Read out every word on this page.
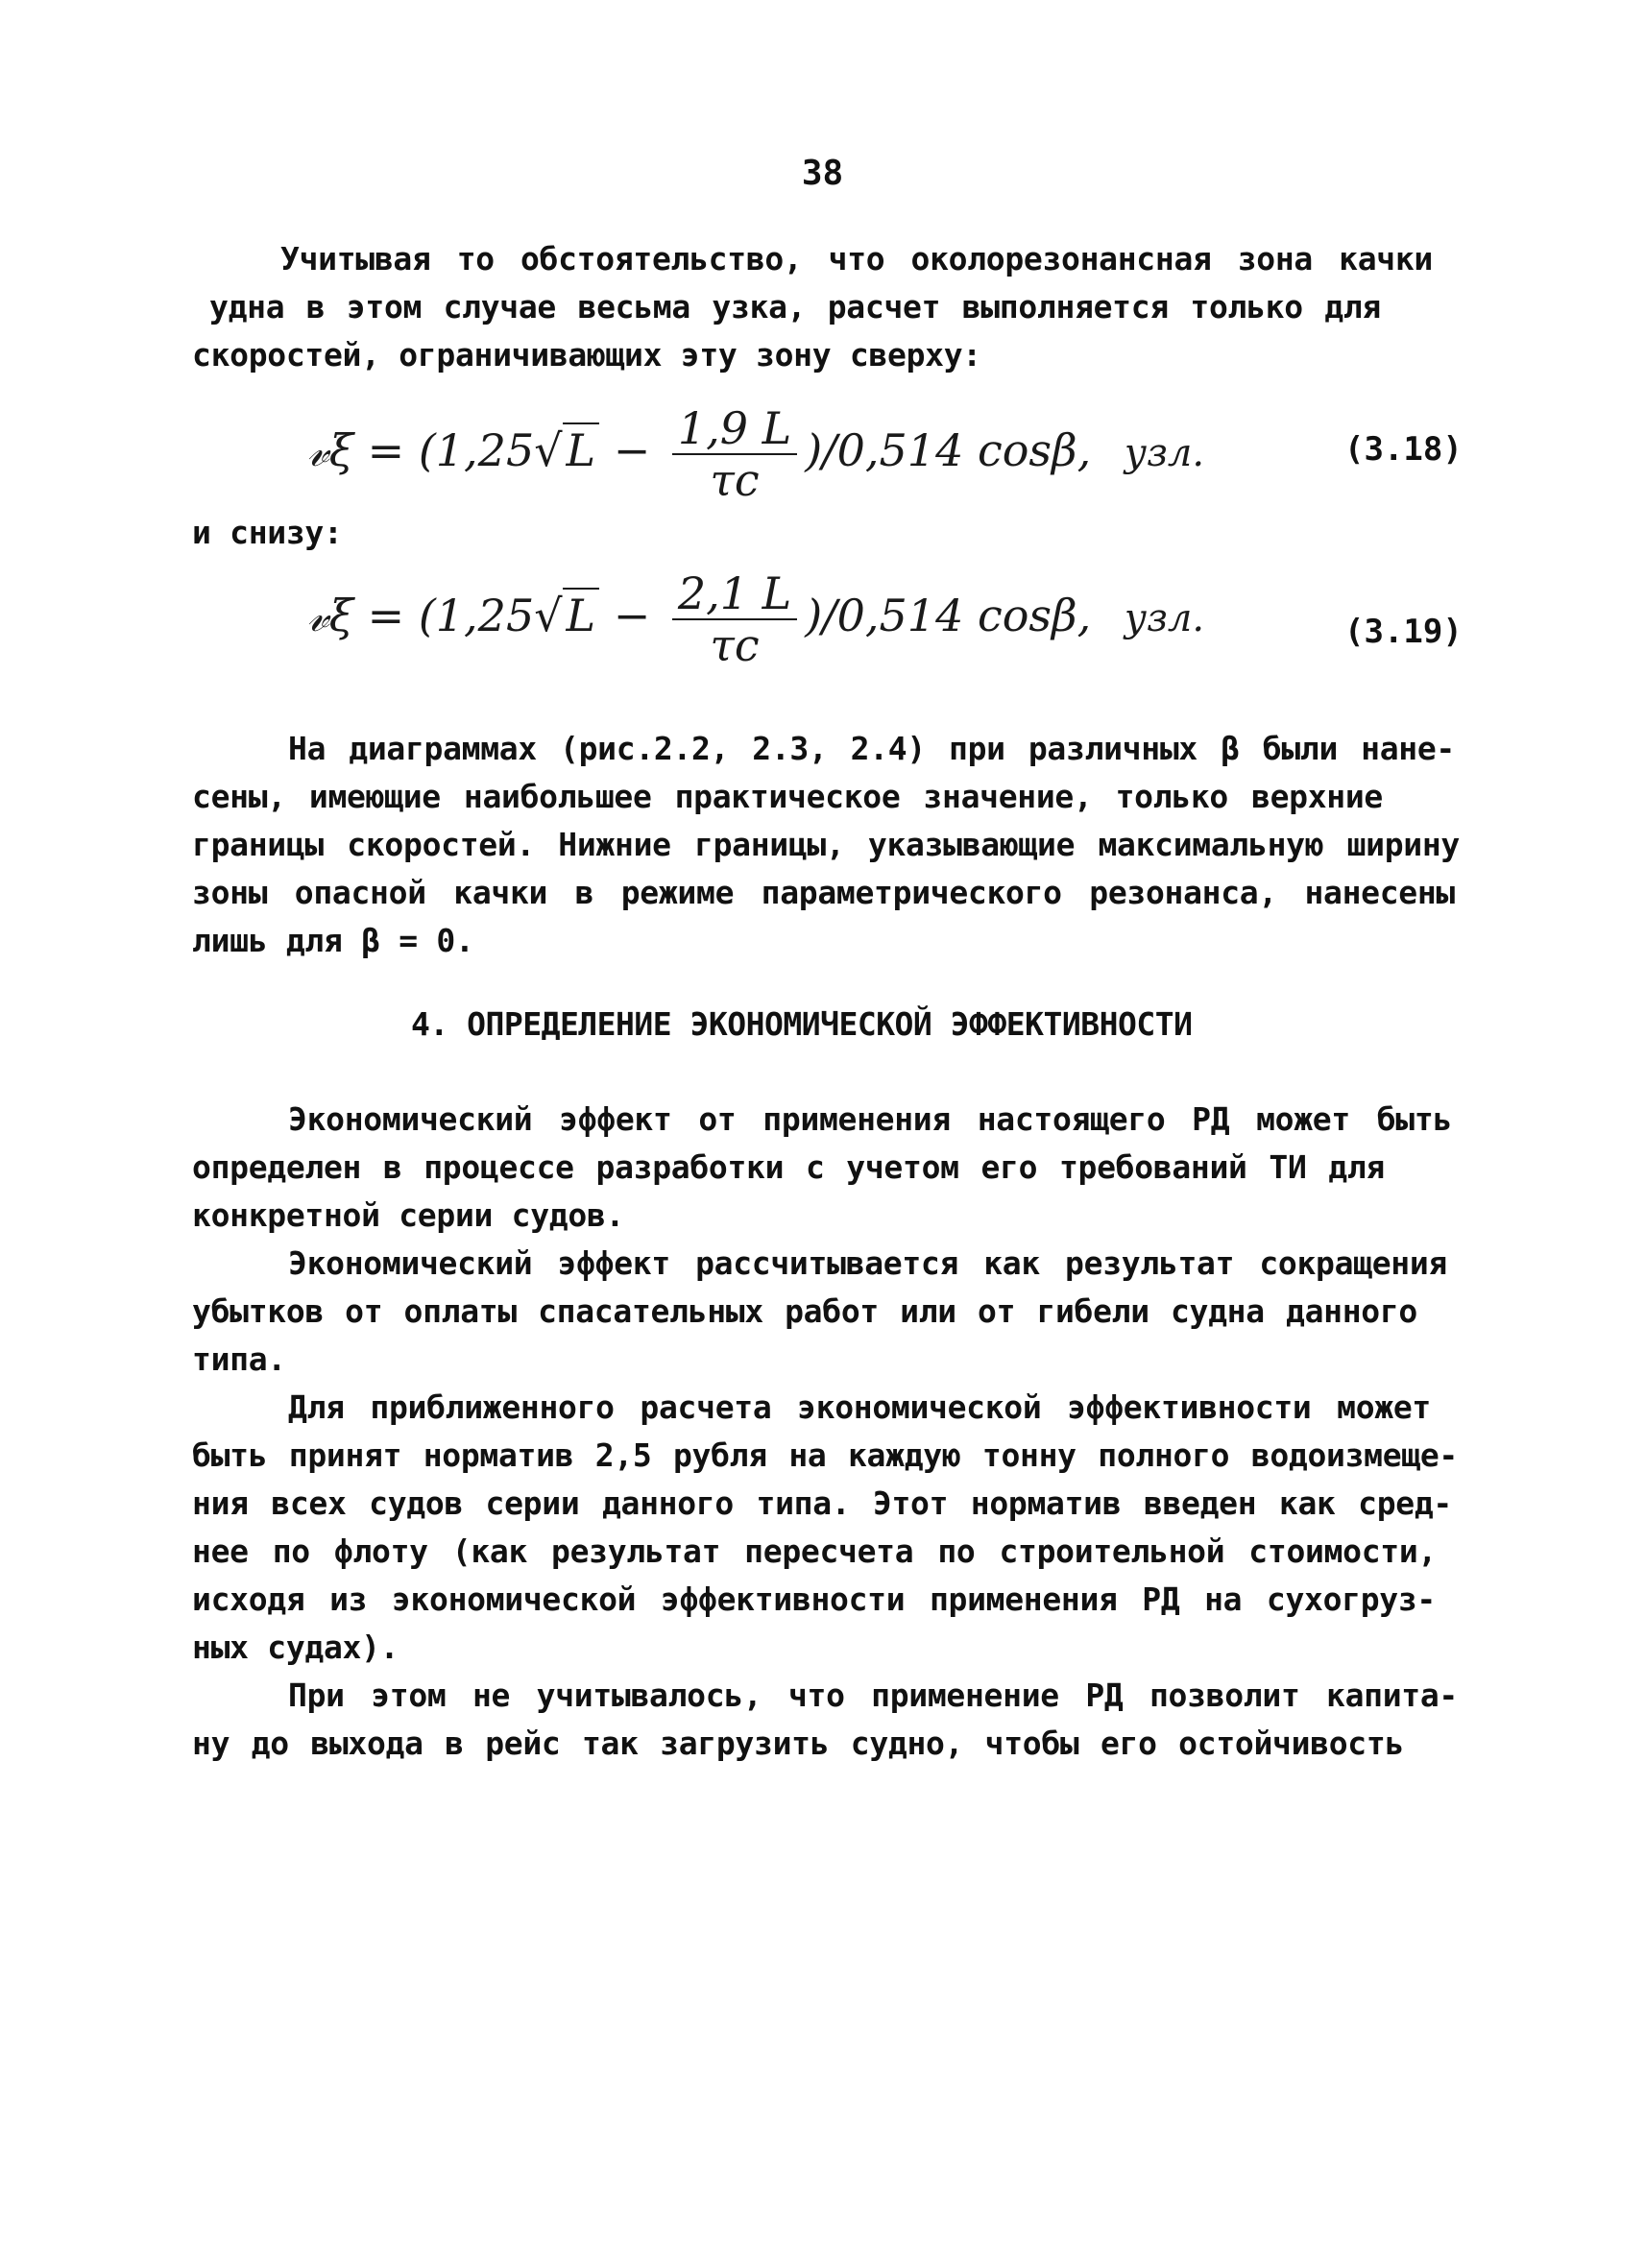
38
Учитывая то обстоятельство, что околорезонансная зона качки
удна в этом случае весьма узка, расчет выполняется только для
скоростей, ограничивающих эту зону сверху:
𝓋ξ = $(1,25√L - \frac{1,9 L}{\tau c} )/0,514$ cosβ, узл.	(3.18)
и снизу:
𝓋ξ = $(1,25√L - \frac{2,1 L}{\tau c} )/0,514$ cosβ, узл.	(3.19)
На диаграммах (рис.2.2, 2.3, 2.4) при различных β были нане-
сены, имеющие наибольшее практическое значение, только верхние
границы скоростей. Нижние границы, указывающие максимальную ширину
зоны опасной качки в режиме параметрического резонанса, нанесены
лишь для β = 0.
4. ОПРЕДЕЛЕНИЕ ЭКОНОМИЧЕСКОЙ ЭФФЕКТИВНОСТИ
Экономический эффект от применения настоящего РД может быть
определен в процессе разработки с учетом его требований ТИ для
конкретной серии судов.
Экономический эффект рассчитывается как результат сокращения
убытков от оплаты спасательных работ или от гибели судна данного
типа.
Для приближенного расчета экономической эффективности может
быть принят норматив 2,5 рубля на каждую тонну полного водоизмеще-
ния всех судов серии данного типа. Этот норматив введен как сред-
нее по флоту (как результат пересчета по строительной стоимости,
исходя из экономической эффективности применения РД на сухогруз-
ных судах).
При этом не учитывалось, что применение РД позволит капита-
ну до выхода в рейс так загрузить судно, чтобы его остойчивость
